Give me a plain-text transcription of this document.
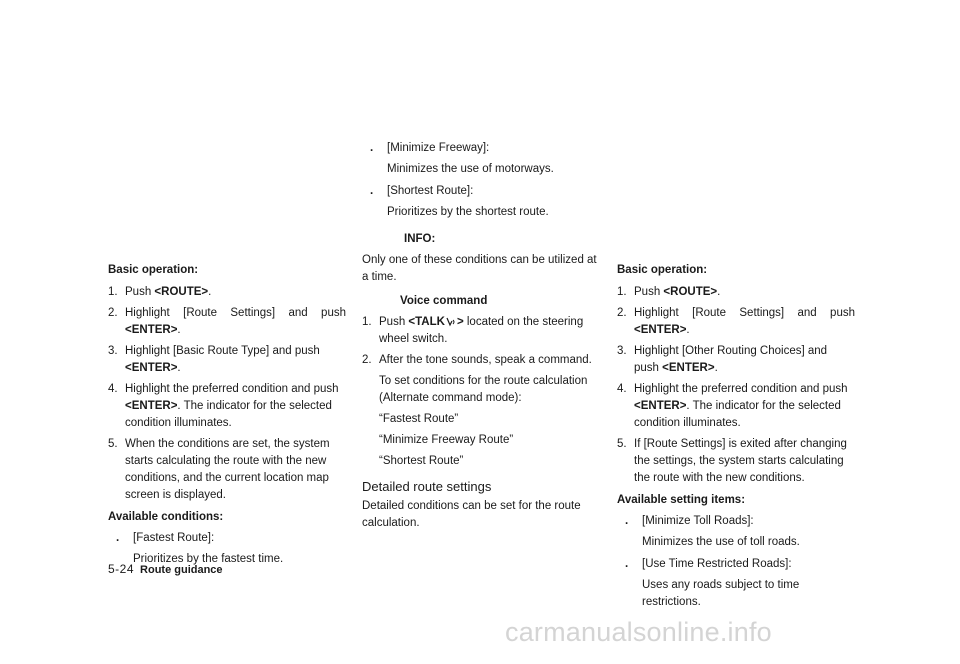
Basic operation:

1. Push <ROUTE>.
2. Highlight [Route Settings] and push <ENTER>.
3. Highlight [Basic Route Type] and push <ENTER>.
4. Highlight the preferred condition and push <ENTER>. The indicator for the selected condition illuminates.
5. When the conditions are set, the system starts calculating the route with the new conditions, and the current location map screen is displayed.

Available conditions:

. [Fastest Route]:
Prioritizes by the fastest time.
. [Minimize Freeway]:
Minimizes the use of motorways.
. [Shortest Route]:
Prioritizes by the shortest route.

INFO:

Only one of these conditions can be utilized at a time.

Voice command

1. Push <TALK > located on the steering wheel switch.
2. After the tone sounds, speak a command.
To set conditions for the route calculation (Alternate command mode):
“Fastest Route”
“Minimize Freeway Route”
“Shortest Route”

Detailed route settings

Detailed conditions can be set for the route calculation.

Basic operation:

1. Push <ROUTE>.
2. Highlight [Route Settings] and push <ENTER>.
3. Highlight [Other Routing Choices] and push <ENTER>.
4. Highlight the preferred condition and push <ENTER>. The indicator for the selected condition illuminates.
5. If [Route Settings] is exited after changing the settings, the system starts calculating the route with the new conditions.

Available setting items:

. [Minimize Toll Roads]:
Minimizes the use of toll roads.
. [Use Time Restricted Roads]:
Uses any roads subject to time restrictions.
5-24 Route guidance
carmanualsonline.info
